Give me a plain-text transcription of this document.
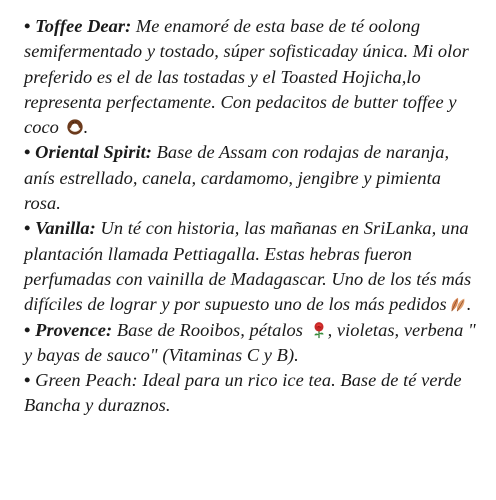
• Toffee Dear: Me enamoré de esta base de té oolong semifermentado y tostado, súper sofisticaday única. Mi olor preferido es el de las tostadas y el Toasted Hojicha,lo representa perfectamente. Con pedacitos de butter toffee y coco .

• Oriental Spirit: Base de Assam con rodajas de naranja, anís estrellado, canela, cardamomo, jengibre y pimienta rosa.

• Vanilla: Un té con historia, las mañanas en SriLanka, una plantación llamada Pettiagalla. Estas hebras fueron perfumadas con vainilla de Madagascar. Uno de los tés más difíciles de lograr y por supuesto uno de los más pedidos .

• Provence: Base de Rooibos, pétalos , violetas, verbena " y bayas de sauco" (Vitaminas C y B).

• Green Peach: Ideal para un rico ice tea. Base de té verde Bancha y duraznos.
